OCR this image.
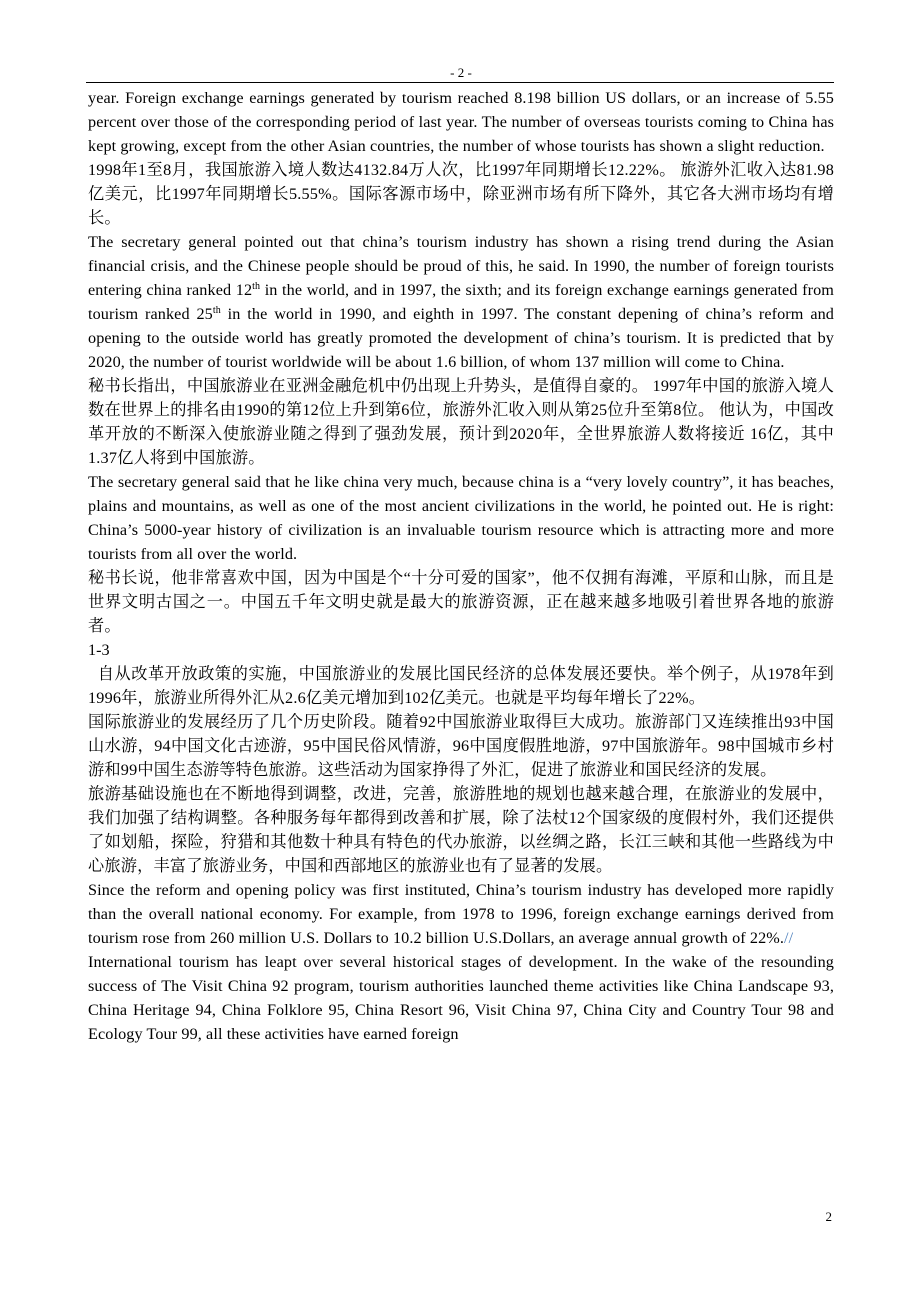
- 2 -

year. Foreign exchange earnings generated by tourism reached 8.198 billion US dollars, or an increase of 5.55 percent over those of the corresponding period of last year. The number of overseas tourists coming to China has kept growing, except from the other Asian countries, the number of whose tourists has shown a slight reduction.

1998年1至8月，我国旅游入境人数达4132.84万人次，比1997年同期增长12.22%。 旅游外汇收入达81.98亿美元，比1997年同期增长5.55%。国际客源市场中，除亚洲市场有所下降外，其它各大洲市场均有增长。

The secretary general pointed out that china’s tourism industry has shown a rising trend during the Asian financial crisis, and the Chinese people should be proud of this, he said. In 1990, the number of foreign tourists entering china ranked 12th in the world, and in 1997, the sixth; and its foreign exchange earnings generated from tourism ranked 25th in the world in 1990, and eighth in 1997. The constant depening of china’s reform and opening to the outside world has greatly promoted the development of china’s tourism. It is predicted that by 2020, the number of tourist worldwide will be about 1.6 billion, of whom 137 million will come to China.

秘书长指出，中国旅游业在亚洲金融危机中仍出现上升势头，是值得自豪的。 1997年中国的旅游入境人数在世界上的排名由1990的第12位上升到第6位，旅游外汇收入则从第25位升至第8位。 他认为，中国改革开放的不断深入使旅游业随之得到了强劲发展，预计到2020年，全世界旅游人数将接近 16亿，其中1.37亿人将到中国旅游。

The secretary general said that he like china very much, because china is a “very lovely country”, it has beaches, plains and mountains, as well as one of the most ancient civilizations in the world, he pointed out. He is right: China’s 5000-year history of civilization is an invaluable tourism resource which is attracting more and more tourists from all over the world.

秘书长说，他非常喜欢中国，因为中国是个“十分可爱的国家”，他不仅拥有海滩，平原和山脉，而且是世界文明古国之一。中国五千年文明史就是最大的旅游资源，正在越来越多地吸引着世界各地的旅游者。

1-3

自从改革开放政策的实施，中国旅游业的发展比国民经济的总体发展还要快。举个例子，从1978年到1996年，旅游业所得外汇从2.6亿美元增加到102亿美元。也就是平均每年增长了22%。

国际旅游业的发展经历了几个历史阶段。随着92中国旅游业取得巨大成功。旅游部门又连续推出93中国山水游，94中国文化古迹游，95中国民俗风情游，96中国度假胜地游，97中国旅游年。98中国城市乡村游和99中国生态游等特色旅游。这些活动为国家挣得了外汇，促进了旅游业和国民经济的发展。

旅游基础设施也在不断地得到调整，改进，完善，旅游胜地的规划也越来越合理，在旅游业的发展中，我们加强了结构调整。各种服务每年都得到改善和扩展，除了法杖12个国家级的度假村外，我们还提供了如划船，探险，狩猎和其他数十种具有特色的代办旅游，以丝绸之路，长江三峡和其他一些路线为中心旅游，丰富了旅游业务，中国和西部地区的旅游业也有了显著的发展。

Since the reform and opening policy was first instituted, China’s tourism industry has developed more rapidly than the overall national economy. For example, from 1978 to 1996, foreign exchange earnings derived from tourism rose from 260 million U.S. Dollars to 10.2 billion U.S.Dollars, an average annual growth of 22%.//

International tourism has leapt over several historical stages of development. In the wake of the resounding success of The Visit China 92 program, tourism authorities launched theme activities like China Landscape 93, China Heritage 94, China Folklore 95, China Resort 96, Visit China 97, China City and Country Tour 98 and Ecology Tour 99, all these activities have earned foreign

2
